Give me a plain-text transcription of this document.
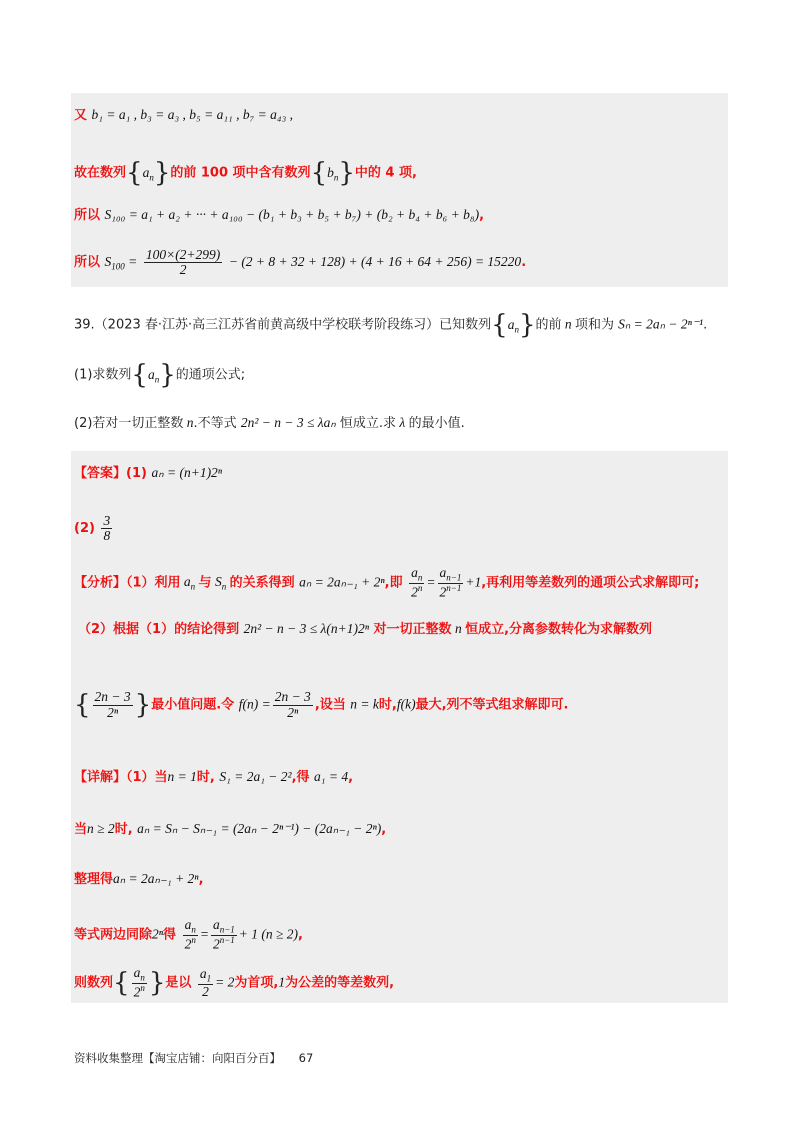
又 b₁ = a₁ , b₃ = a₃ , b₅ = a₁₁ , b₇ = a₄₃ ,
故在数列$\{a_n\}$的前 100 项中含有数列$\{b_n\}$中的 4 项,
所以 S₁₀₀ = a₁ + a₂ + ··· + a₁₀₀ − (b₁ + b₃ + b₅ + b₇) + (b₂ + b₄ + b₆ + b₈),
所以 $S_{100} = \frac{100\times(2+299)}{2} - (2 + 8 + 32 + 128) + (4 + 16 + 64 + 256) = 15220$.
39.（2023 春·江苏·高三江苏省前黄高级中学校联考阶段练习）已知数列$\{a_n\}$的前 n 项和为 Sₙ = 2aₙ − 2ⁿ⁻¹.
(1)求数列$\{a_n\}$的通项公式;
(2)若对一切正整数 n.不等式 2n² − n − 3 ≤ λaₙ 恒成立.求 λ 的最小值.
【答案】(1) aₙ = (n+1)2ⁿ
$(2) \frac{3}{8}$
【分析】（1）利用 $a_n$ 与 $S_n$ 的关系得到 aₙ = 2aₙ₋₁ + 2ⁿ,即 $\frac{a_n}{2^n} = \frac{a_{n-1}}{2^{n-1}} +1$,再利用等差数列的通项公式求解即可;
（2）根据（1）的结论得到 2n² − n − 3 ≤ λ(n+1)2ⁿ 对一切正整数 n 恒成立,分离参数转化为求解数列
{ $\frac{2n - 3}{\text{2ⁿ}}$ }最小值问题.令 $f(n) = \frac{2n - 3}{\text{2ⁿ}}$ ,设当 n = k时,f(k)最大,列不等式组求解即可.
【详解】（1）当n = 1时, S₁ = 2a₁ − 2²,得 a₁ = 4,
当n ≥ 2时, aₙ = Sₙ − Sₙ₋₁ = (2aₙ − 2ⁿ⁻¹) − (2aₙ₋₁ − 2ⁿ),
整理得aₙ = 2aₙ₋₁ + 2ⁿ,
等式两边同除2ⁿ得 $\frac{a_n}{2^n} = \frac{a_{n-1}}{2^{n-1}} + 1$ (n ≥ 2),
则数列{ $\frac{a_n}{2^n}$ }是以 $\frac{a_1}{2} = 2$为首项,1为公差的等差数列,
资料收集整理【淘宝店铺：向阳百分百】 67
